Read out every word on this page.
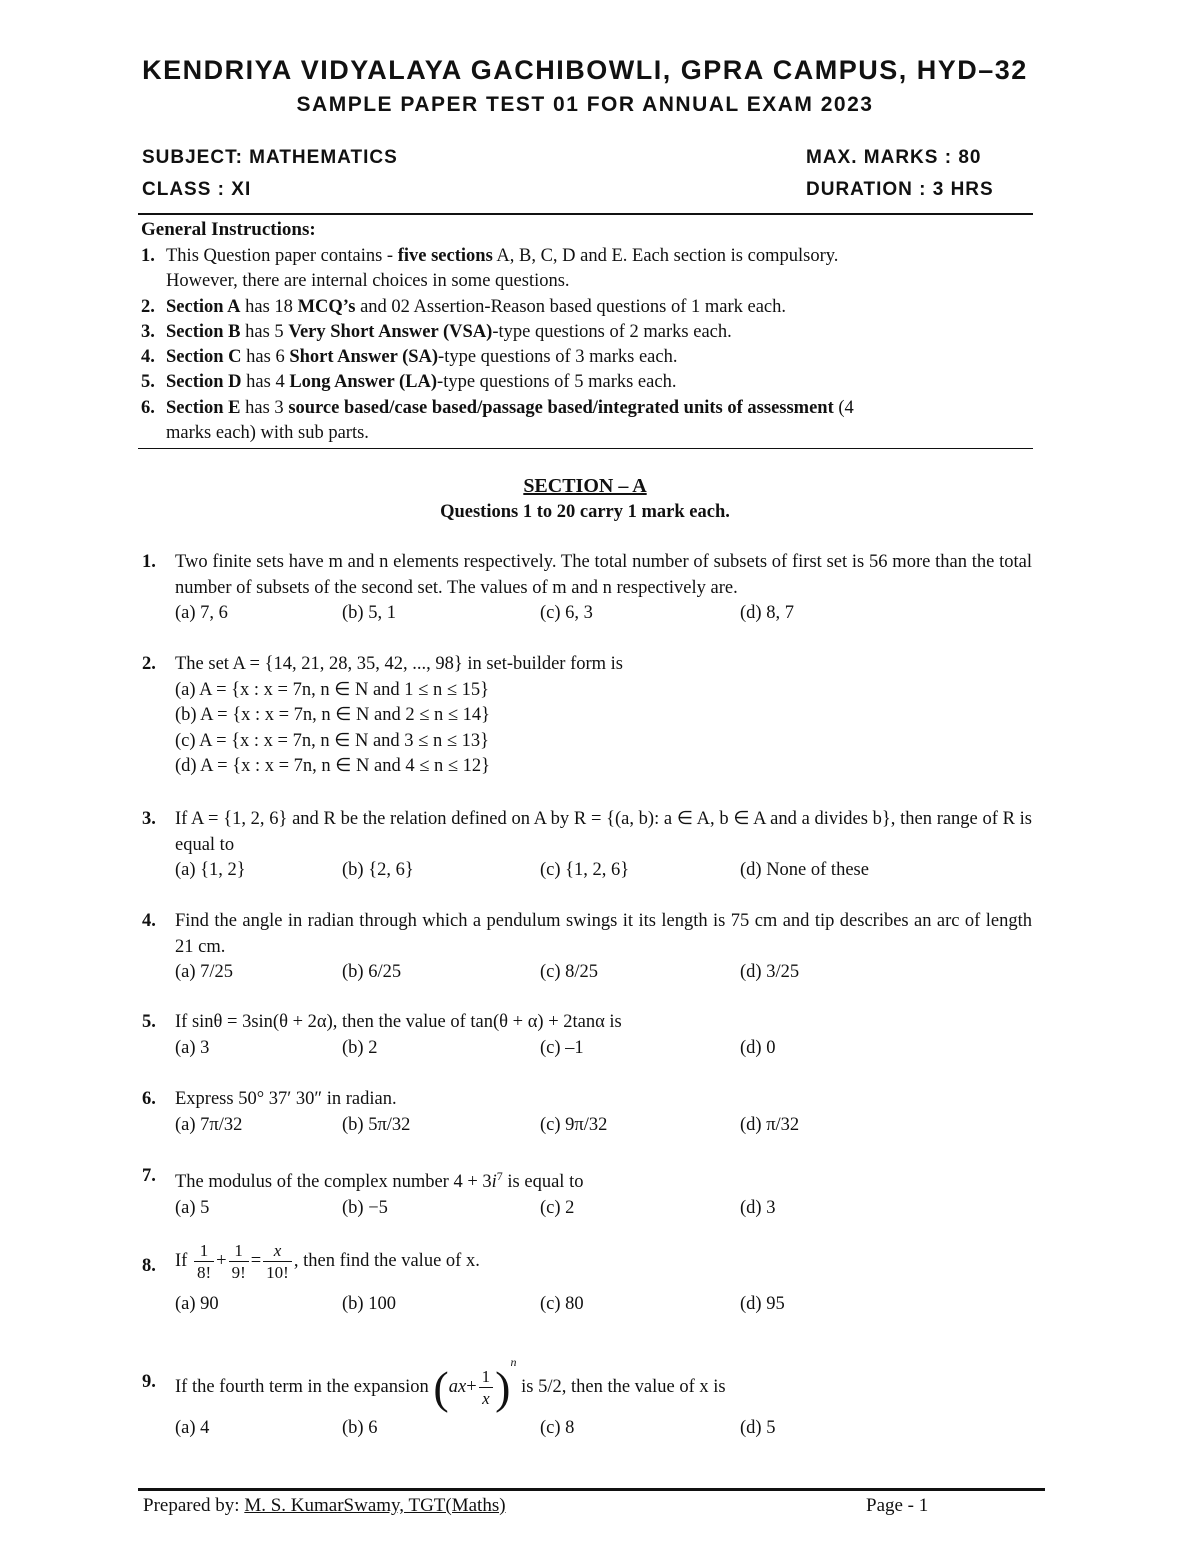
KENDRIYA VIDYALAYA GACHIBOWLI, GPRA CAMPUS, HYD–32
SAMPLE PAPER TEST 01 FOR ANNUAL EXAM 2023
SUBJECT: MATHEMATICS	MAX. MARKS : 80
CLASS : XI	DURATION : 3 HRS
General Instructions:
1. This Question paper contains - five sections A, B, C, D and E. Each section is compulsory.
However, there are internal choices in some questions.
2. Section A has 18 MCQ’s and 02 Assertion-Reason based questions of 1 mark each.
3. Section B has 5 Very Short Answer (VSA)-type questions of 2 marks each.
4. Section C has 6 Short Answer (SA)-type questions of 3 marks each.
5. Section D has 4 Long Answer (LA)-type questions of 5 marks each.
6. Section E has 3 source based/case based/passage based/integrated units of assessment (4
marks each) with sub parts.
SECTION – A
Questions 1 to 20 carry 1 mark each.
1. Two finite sets have m and n elements respectively. The total number of subsets of first set is 56 more than the total number of subsets of the second set. The values of m and n respectively are.
(a) 7, 6	(b) 5, 1	(c) 6, 3	(d) 8, 7
2. The set A = {14, 21, 28, 35, 42, ..., 98} in set-builder form is
(a) A = {x : x = 7n, n ∈ N and 1 ≤ n ≤ 15}
(b) A = {x : x = 7n, n ∈ N and 2 ≤ n ≤ 14}
(c) A = {x : x = 7n, n ∈ N and 3 ≤ n ≤ 13}
(d) A = {x : x = 7n, n ∈ N and 4 ≤ n ≤ 12}
3. If A = {1, 2, 6} and R be the relation defined on A by R = {(a, b): a ∈ A, b ∈ A and a divides b}, then range of R is equal to
(a) {1, 2}	(b) {2, 6}	(c) {1, 2, 6}	(d) None of these
4. Find the angle in radian through which a pendulum swings it its length is 75 cm and tip describes an arc of length 21 cm.
(a) 7/25	(b) 6/25	(c) 8/25	(d) 3/25
5. If sinθ = 3sin(θ + 2α), then the value of tan(θ + α) + 2tanα is
(a) 3	(b) 2	(c) –1	(d) 0
6. Express 50° 37′ 30″ in radian.
(a) 7π/32	(b) 5π/32	(c) 9π/32	(d) π/32
7. The modulus of the complex number $4 + 3i^7$ is equal to
(a) 5	(b) −5	(c) 2	(d) 3
8. If $\frac{1}{8!} + \frac{1}{9!} = \frac{x}{10!}$ , then find the value of x.
(a) 90	(b) 100	(c) 80	(d) 95
9. If the fourth term in the expansion $(ax+ \frac{1}{x} )^n$ is 5/2, then the value of x is
(a) 4	(b) 6	(c) 8	(d) 5
Prepared by: M. S. KumarSwamy, TGT(Maths)	Page - 1
